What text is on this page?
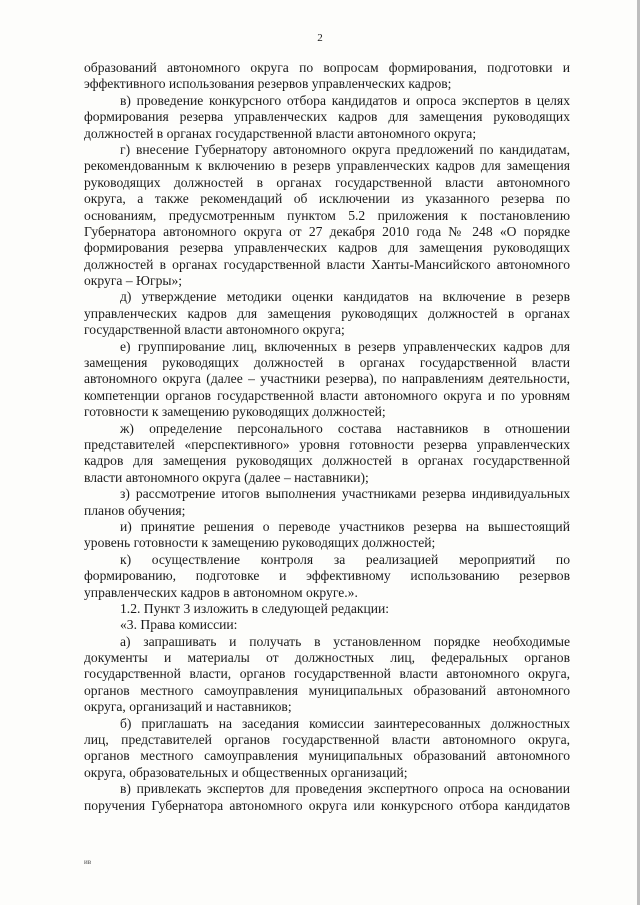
2
образований автономного округа по вопросам формирования, подготовки и
эффективного использования резервов управленческих кадров;
в) проведение конкурсного отбора кандидатов и опроса экспертов в целях
формирования резерва управленческих кадров для замещения руководящих
должностей в органах государственной власти автономного округа;
г) внесение Губернатору автономного округа предложений по кандидатам,
рекомендованным к включению в резерв управленческих кадров для замещения
руководящих должностей в органах государственной власти автономного
округа, а также рекомендаций об исключении из указанного резерва по
основаниям, предусмотренным пунктом 5.2 приложения к постановлению
Губернатора автономного округа от 27 декабря 2010 года № 248 «О порядке
формирования резерва управленческих кадров для замещения руководящих
должностей в органах государственной власти Ханты-Мансийского автономного
округа – Югры»;
д) утверждение методики оценки кандидатов на включение в резерв
управленческих кадров для замещения руководящих должностей в органах
государственной власти автономного округа;
е) группирование лиц, включенных в резерв управленческих кадров для
замещения руководящих должностей в органах государственной власти
автономного округа (далее – участники резерва), по направлениям деятельности,
компетенции органов государственной власти автономного округа и по уровням
готовности к замещению руководящих должностей;
ж) определение персонального состава наставников в отношении
представителей «перспективного» уровня готовности резерва управленческих
кадров для замещения руководящих должностей в органах государственной
власти автономного округа (далее – наставники);
з) рассмотрение итогов выполнения участниками резерва индивидуальных
планов обучения;
и) принятие решения о переводе участников резерва на вышестоящий
уровень готовности к замещению руководящих должностей;
к) осуществление контроля за реализацией мероприятий по
формированию, подготовке и эффективному использованию резервов
управленческих кадров в автономном округе.».
1.2. Пункт 3 изложить в следующей редакции:
«3. Права комиссии:
а) запрашивать и получать в установленном порядке необходимые
документы и материалы от должностных лиц, федеральных органов
государственной власти, органов государственной власти автономного округа,
органов местного самоуправления муниципальных образований автономного
округа, организаций и наставников;
б) приглашать на заседания комиссии заинтересованных должностных
лиц, представителей органов государственной власти автономного округа,
органов местного самоуправления муниципальных образований автономного
округа, образовательных и общественных организаций;
в) привлекать экспертов для проведения экспертного опроса на основании
поручения Губернатора автономного округа или конкурсного отбора кандидатов
ив
